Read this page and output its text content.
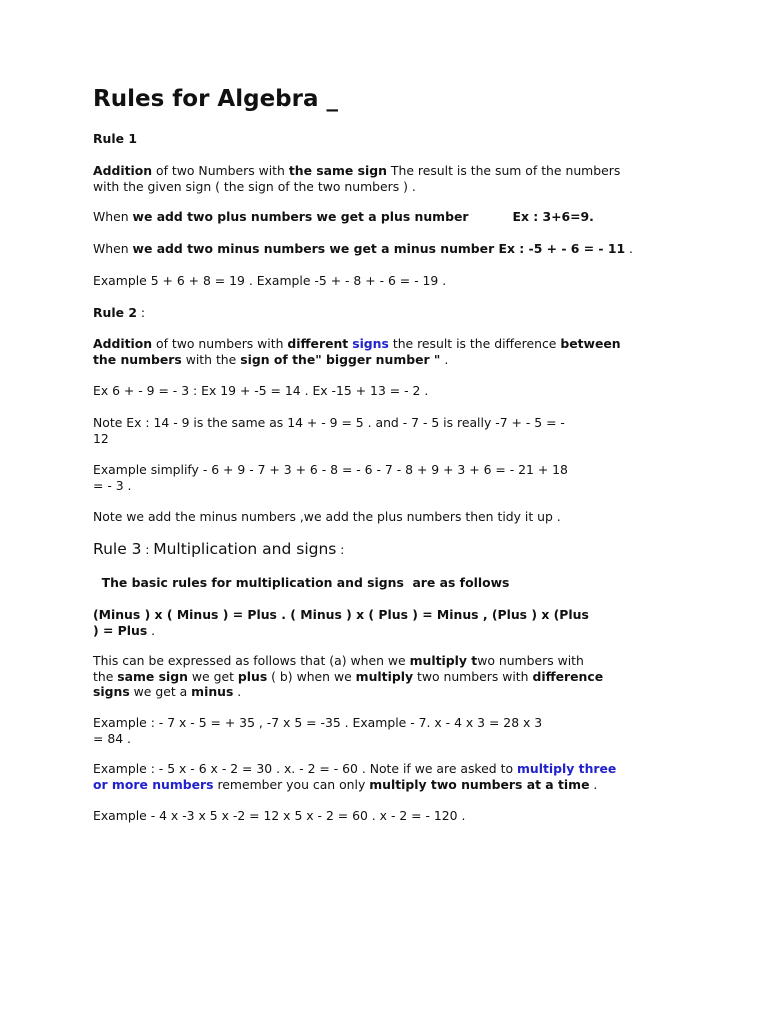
Rules for Algebra _
Rule 1
Addition of two Numbers with the same sign The result is the sum of the numbers
with the given sign ( the sign of the two numbers ) .
When we add two plus numbers we get a plus number	Ex : 3+6=9.
When we add two minus numbers we get a minus number Ex : -5 + - 6 = - 11 .
Example 5 + 6 + 8 = 19 . Example -5 + - 8 + - 6 = - 19 .
Rule 2 :
Addition of two numbers with different signs the result is the difference between
the numbers with the sign of the" bigger number " .
Ex 6 + - 9 = - 3 : Ex 19 + -5 = 14 . Ex -15 + 13 = - 2 .
Note Ex : 14 - 9 is the same as 14 + - 9 = 5 . and - 7 - 5 is really -7 + - 5 = -
12
Example simplify - 6 + 9 - 7 + 3 + 6 - 8 = - 6 - 7 - 8 + 9 + 3 + 6 = - 21 + 18
= - 3 .
Note we add the minus numbers ,we add the plus numbers then tidy it up .
Rule 3 : Multiplication and signs :
The basic rules for multiplication and signs  are as follows
(Minus ) x ( Minus ) = Plus . ( Minus ) x ( Plus ) = Minus , (Plus ) x (Plus
) = Plus .
This can be expressed as follows that (a) when we multiply two numbers with
the same sign we get plus ( b) when we multiply two numbers with difference
signs we get a minus .
Example : - 7 x - 5 = + 35 , -7 x 5 = -35 . Example - 7. x - 4 x 3 = 28 x 3
= 84 .
Example : - 5 x - 6 x - 2 = 30 . x. - 2 = - 60 . Note if we are asked to multiply three
or more numbers remember you can only multiply two numbers at a time .
Example - 4 x -3 x 5 x -2 = 12 x 5 x - 2 = 60 . x - 2 = - 120 .
